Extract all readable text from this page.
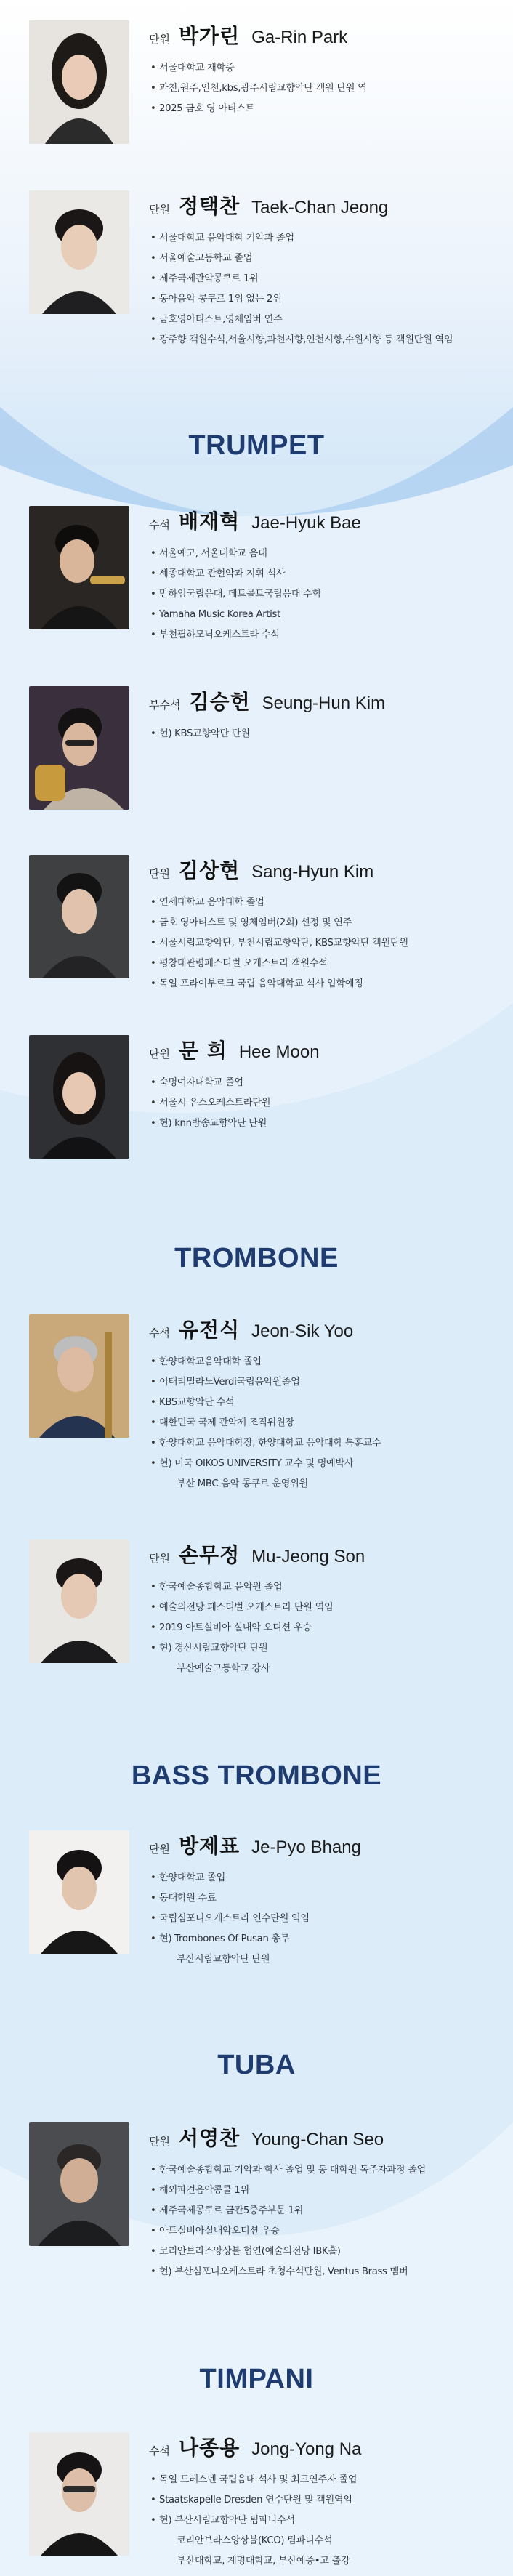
TRUMPET
TROMBONE
BASS TROMBONE
TUBA
TIMPANI
단원 박가린 Ga-Rin Park
• 서울대학교 재학중
• 과천,원주,인천,kbs,광주시립교향악단 객원 단원 역
• 2025 금호 영 아티스트
단원 정택찬 Taek-Chan Jeong
• 서울대학교 음악대학 기악과 졸업
• 서울예술고등학교 졸업
• 제주국제관악콩쿠르 1위
• 동아음악 콩쿠르 1위 없는 2위
• 금호영아티스트,영체임버 연주
• 광주향 객원수석,서울시향,과천시향,인천시향,수원시향 등 객원단원 역임
수석 배재혁 Jae-Hyuk Bae
• 서울예고, 서울대학교 음대
• 세종대학교 관현악과 지휘 석사
• 만하임국립음대, 데트몰트국립음대 수학
• Yamaha Music Korea Artist
• 부천필하모닉오케스트라 수석
부수석 김승헌 Seung-Hun Kim
• 현) KBS교향악단 단원
단원 김상현 Sang-Hyun Kim
• 연세대학교 음악대학 졸업
• 금호 영아티스트 및 영체임버(2회) 선정 및 연주
• 서울시립교향악단, 부천시립교향악단, KBS교향악단 객원단원
• 평창대관령페스티벌 오케스트라 객원수석
• 독일 프라이부르크 국립 음악대학교 석사 입학예정
단원 문 희 Hee Moon
• 숙명여자대학교 졸업
• 서울시 유스오케스트라단원
• 현) knn방송교향악단 단원
수석 유전식 Jeon-Sik Yoo
• 한양대학교음악대학 졸업
• 이태리밀라노Verdi국립음악원졸업
• KBS교향악단 수석
• 대한민국 국제 관악제 조직위원장
• 한양대학교 음악대학장, 한양대학교 음악대학 특훈교수
• 현) 미국 OIKOS UNIVERSITY 교수 및 명예박사
부산 MBC 음악 콩쿠르 운영위원
단원 손무정 Mu-Jeong Son
• 한국예술종합학교 음악원 졸업
• 예술의전당 페스티벌 오케스트라 단원 역임
• 2019 아트실비아 실내악 오디션 우승
• 현) 경산시립교향악단 단원
부산예술고등학교 강사
단원 방제표 Je-Pyo Bhang
• 한양대학교 졸업
• 동대학원 수료
• 국립심포니오케스트라 연수단원 역임
• 현) Trombones Of Pusan 총무
부산시립교향악단 단원
단원 서영찬 Young-Chan Seo
• 한국예술종합학교 기악과 학사 졸업 및 동 대학원 독주자과정 졸업
• 해외파견음악콩쿨 1위
• 제주국제콩쿠르 금관5중주부문 1위
• 아트실비아실내악오디션 우승
• 코리안브라스앙상블 협연(예술의전당 IBK홀)
• 현) 부산심포니오케스트라 초청수석단원, Ventus Brass 멤버
수석 나종용 Jong-Yong Na
• 독일 드레스덴 국립음대 석사 및 최고연주자 졸업
• Staatskapelle Dresden 연수단원 및 객원역임
• 현) 부산시립교향악단 팀파니수석
코리안브라스앙상블(KCO) 팀파니수석
부산대학교, 계명대학교, 부산예중•고 출강
